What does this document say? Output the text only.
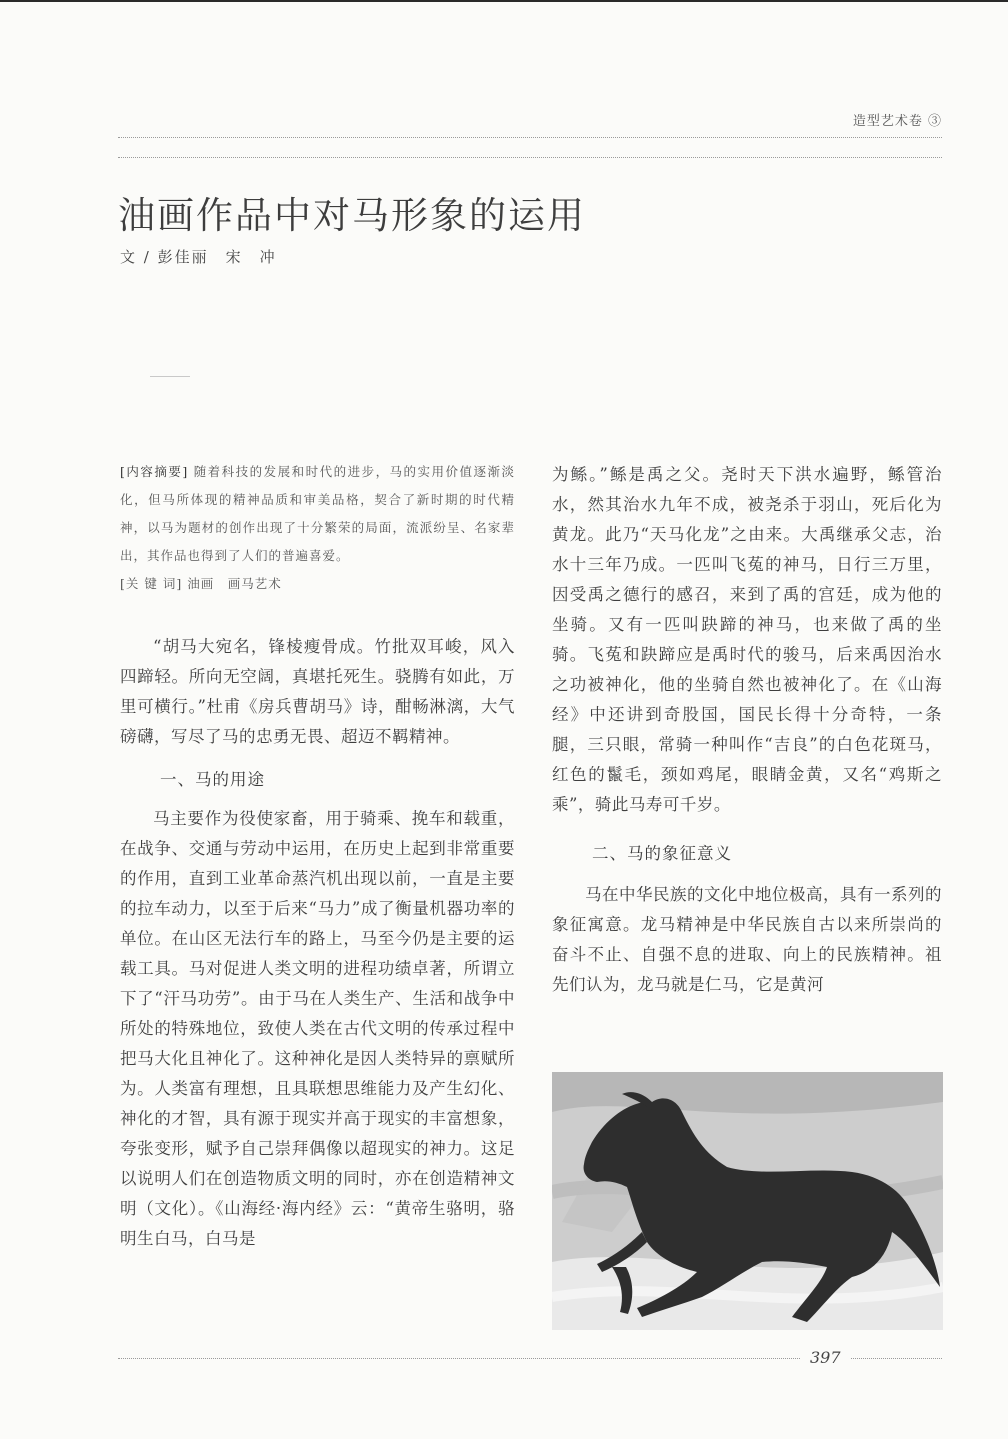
造型艺术卷 ③
油画作品中对马形象的运用
文 / 彭佳丽　宋　冲

[内容摘要] 随着科技的发展和时代的进步，马的实用价值逐渐淡化，但马所体现的精神品质和审美品格，契合了新时期的时代精神，以马为题材的创作出现了十分繁荣的局面，流派纷呈、名家辈出，其作品也得到了人们的普遍喜爱。

[关 键 词] 油画　画马艺术

“胡马大宛名，锋棱瘦骨成。竹批双耳峻，风入四蹄轻。所向无空阔，真堪托死生。骁腾有如此，万里可横行。”杜甫《房兵曹胡马》诗，酣畅淋漓，大气磅礴，写尽了马的忠勇无畏、超迈不羁精神。

一、马的用途

马主要作为役使家畜，用于骑乘、挽车和载重，在战争、交通与劳动中运用，在历史上起到非常重要的作用，直到工业革命蒸汽机出现以前，一直是主要的拉车动力，以至于后来“马力”成了衡量机器功率的单位。在山区无法行车的路上，马至今仍是主要的运载工具。马对促进人类文明的进程功绩卓著，所谓立下了“汗马功劳”。由于马在人类生产、生活和战争中所处的特殊地位，致使人类在古代文明的传承过程中把马大化且神化了。这种神化是因人类特异的禀赋所为。人类富有理想，且具联想思维能力及产生幻化、神化的才智，具有源于现实并高于现实的丰富想象，夸张变形，赋予自己崇拜偶像以超现实的神力。这足以说明人们在创造物质文明的同时，亦在创造精神文明（文化）。《山海经·海内经》云：“黄帝生骆明，骆明生白马，白马是

为鲧。”鲧是禹之父。尧时天下洪水遍野，鲧管治水，然其治水九年不成，被尧杀于羽山，死后化为黄龙。此乃“天马化龙”之由来。大禹继承父志，治水十三年乃成。一匹叫飞菟的神马，日行三万里，因受禹之德行的感召，来到了禹的宫廷，成为他的坐骑。又有一匹叫趹蹄的神马，也来做了禹的坐骑。飞菟和趹蹄应是禹时代的骏马，后来禹因治水之功被神化，他的坐骑自然也被神化了。在《山海经》中还讲到奇股国，国民长得十分奇特，一条腿，三只眼，常骑一种叫作“吉良”的白色花斑马，红色的鬣毛，颈如鸡尾，眼睛金黄，又名“鸡斯之乘”，骑此马寿可千岁。

二、马的象征意义

马在中华民族的文化中地位极高，具有一系列的象征寓意。龙马精神是中华民族自古以来所崇尚的奋斗不止、自强不息的进取、向上的民族精神。祖先们认为，龙马就是仁马，它是黄河

397
